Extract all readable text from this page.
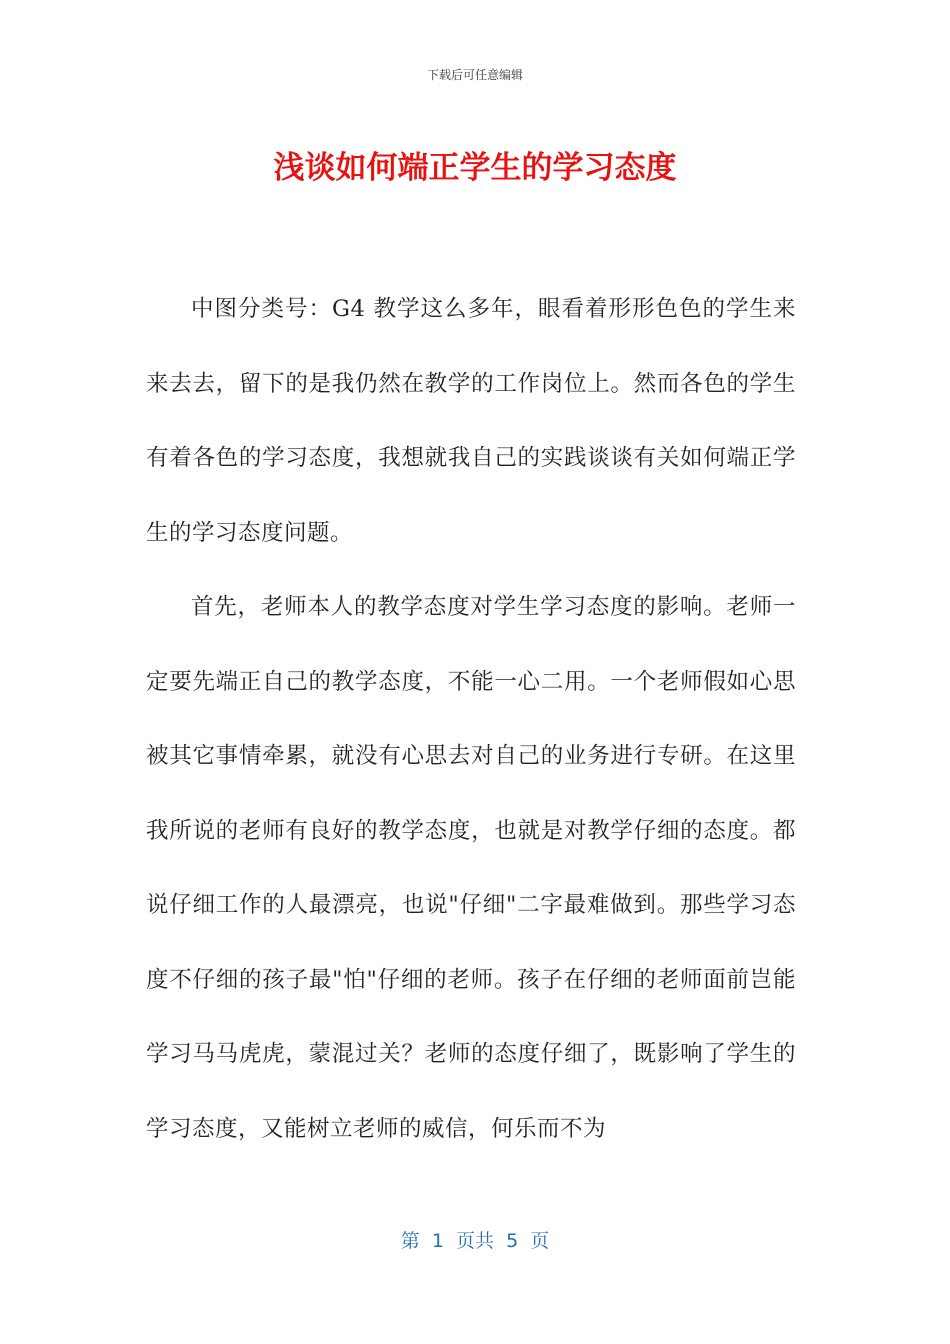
下载后可任意编辑
浅谈如何端正学生的学习态度

中图分类号：G4 教学这么多年，眼看着形形色色的学生来来去去，留下的是我仍然在教学的工作岗位上。然而各色的学生有着各色的学习态度，我想就我自己的实践谈谈有关如何端正学生的学习态度问题。

首先，老师本人的教学态度对学生学习态度的影响。老师一定要先端正自己的教学态度，不能一心二用。一个老师假如心思被其它事情牵累，就没有心思去对自己的业务进行专研。在这里我所说的老师有良好的教学态度，也就是对教学仔细的态度。都说仔细工作的人最漂亮，也说"仔细"二字最难做到。那些学习态度不仔细的孩子最"怕"仔细的老师。孩子在仔细的老师面前岂能学习马马虎虎，蒙混过关？老师的态度仔细了，既影响了学生的学习态度，又能树立老师的威信，何乐而不为

第  1  页共  5  页
